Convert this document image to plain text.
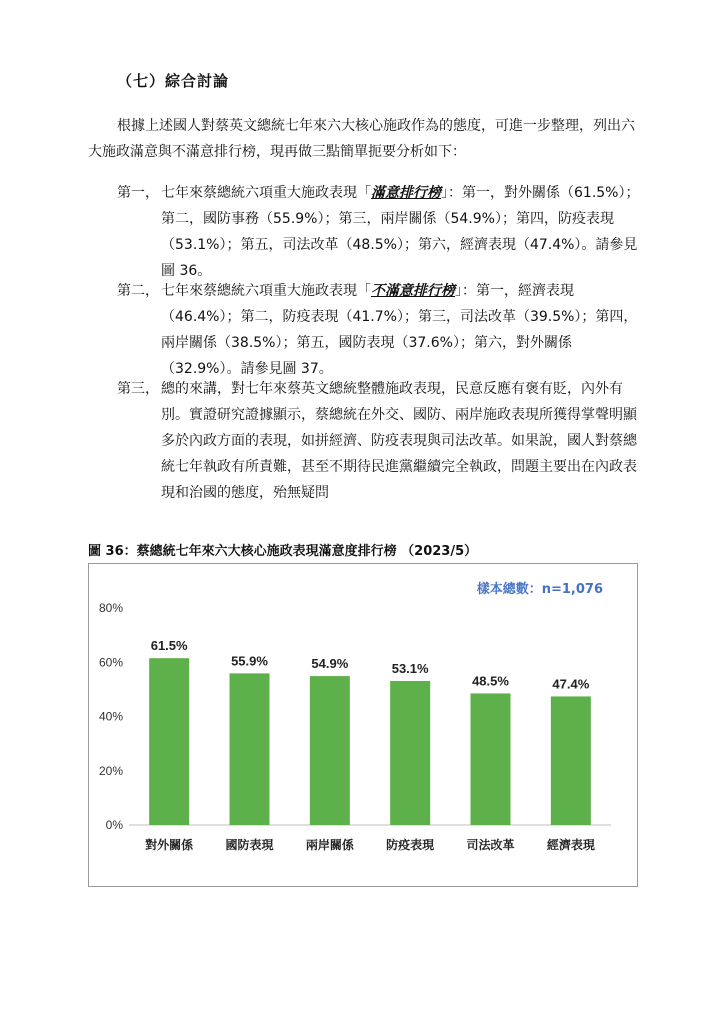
（七）綜合討論
根據上述國人對蔡英文總統七年來六大核心施政作為的態度，可進一步整理，列出六大施政滿意與不滿意排行榜，現再做三點簡單扼要分析如下：
第一， 七年來蔡總統六項重大施政表現「滿意排行榜」：第一，對外關係（61.5%）；第二，國防事務（55.9%）；第三，兩岸關係（54.9%）；第四，防疫表現（53.1%）；第五，司法改革（48.5%）；第六，經濟表現（47.4%）。請參見圖 36。
第二， 七年來蔡總統六項重大施政表現「不滿意排行榜」：第一，經濟表現（46.4%）；第二，防疫表現（41.7%）；第三，司法改革（39.5%）；第四，兩岸關係（38.5%）；第五，國防表現（37.6%）；第六，對外關係（32.9%）。請參見圖 37。
第三， 總的來講，對七年來蔡英文總統整體施政表現，民意反應有褒有貶，內外有別。實證研究證據顯示，蔡總統在外交、國防、兩岸施政表現所獲得掌聲明顯多於內政方面的表現，如拼經濟、防疫表現與司法改革。如果說，國人對蔡總統七年執政有所責難，甚至不期待民進黨繼續完全執政，問題主要出在內政表現和治國的態度，殆無疑問
圖 36：蔡總統七年來六大核心施政表現滿意度排行榜 （2023/5）
0%
20%
40%
60%
80%
61.5%
對外關係
55.9%
國防表現
54.9%
兩岸關係
53.1%
防疫表現
48.5%
司法改革
47.4%
經濟表現
樣本總數：n=1,076
